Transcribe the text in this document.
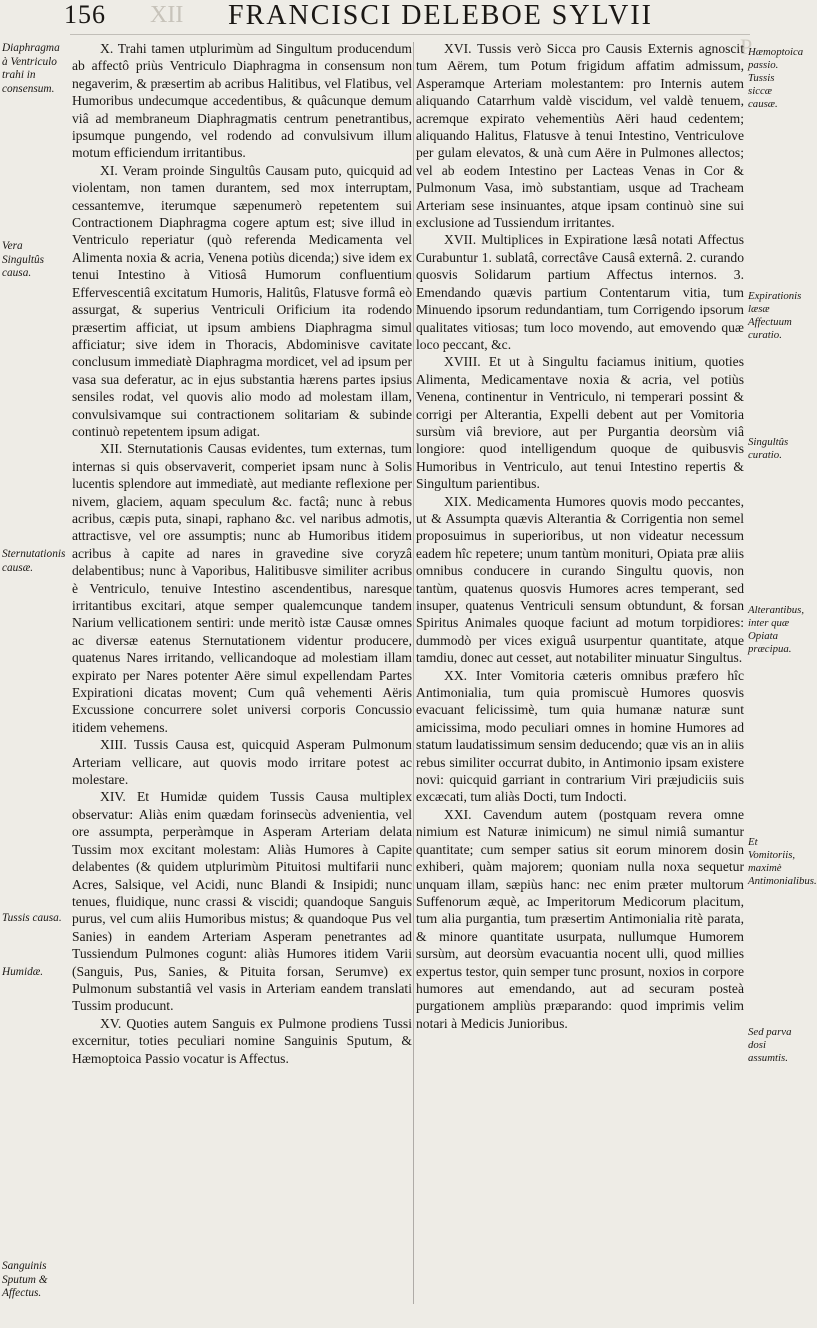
XII
156	FRANCISCI DELEBOE SYLVII
P
Diaphragma à Ventriculo trahi in consensum.
Vera Singultûs causa.
Sternutationis causæ.
Tussis causa.
Humidæ.
Sanguinis Sputum & Affectus.
Hæmoptoica passio. Tussis siccæ causæ.
Expirationis læsæ Affectuum curatio.
Singultûs curatio.
Alterantibus, inter quæ Opiata præcipua.
Et Vomitoriis, maximè Antimonialibus.
Sed parva dosi assumtis.

X. Trahi tamen utplurimùm ad Singultum producendum ab affectô priùs Ventriculo Diaphragma in consensum non negaverim, & præsertim ab acribus Halitibus, vel Flatibus, vel Humoribus undecumque accedentibus, & quâcunque demum viâ ad membraneum Diaphragmatis centrum penetrantibus, ipsumque pungendo, vel rodendo ad convulsivum illum motum efficiendum irritantibus.

XI. Veram proinde Singultûs Causam puto, quicquid ad violentam, non tamen durantem, sed mox interruptam, cessantemve, iterumque sæpenumerò repetentem sui Contractionem Diaphragma cogere aptum est; sive illud in Ventriculo reperiatur (quò referenda Medicamenta vel Alimenta noxia & acria, Venena potiùs dicenda;) sive idem ex tenui Intestino à Vitiosâ Humorum confluentium Effervescentiâ excitatum Humoris, Halitûs, Flatusve formâ eò assurgat, & superius Ventriculi Orificium ita rodendo præsertim afficiat, ut ipsum ambiens Diaphragma simul afficiatur; sive idem in Thoracis, Abdominisve cavitate conclusum immediatè Diaphragma mordicet, vel ad ipsum per vasa sua deferatur, ac in ejus substantia hærens partes ipsius sensiles rodat, vel quovis alio modo ad molestam illam, convulsivamque sui contractionem solitariam & subinde continuò repetentem ipsum adigat.

XII. Sternutationis Causas evidentes, tum externas, tum internas si quis observaverit, comperiet ipsam nunc à Solis lucentis splendore aut immediatè, aut mediante reflexione per nivem, glaciem, aquam speculum &c. factâ; nunc à rebus acribus, cæpis puta, sinapi, raphano &c. vel naribus admotis, attractisve, vel ore assumptis; nunc ab Humoribus itidem acribus à capite ad nares in gravedine sive coryzâ delabentibus; nunc à Vaporibus, Halitibusve similiter acribus è Ventriculo, tenuive Intestino ascendentibus, naresque irritantibus excitari, atque semper qualemcunque tandem Narium vellicationem sentiri: unde meritò istæ Causæ omnes ac diversæ eatenus Sternutationem videntur producere, quatenus Nares irritando, vellicandoque ad molestiam illam expirato per Nares potenter Aëre simul expellendam Partes Expirationi dicatas movent; Cum quâ vehementi Aëris Excussione concurrere solet universi corporis Concussio itidem vehemens.

XIII. Tussis Causa est, quicquid Asperam Pulmonum Arteriam vellicare, aut quovis modo irritare potest ac molestare.

XIV. Et Humidæ quidem Tussis Causa multiplex observatur: Aliàs enim quædam forinsecùs advenientia, vel ore assumpta, perperàmque in Asperam Arteriam delata Tussim mox excitant molestam: Aliàs Humores à Capite delabentes (& quidem utplurimùm Pituitosi multifarii nunc Acres, Salsique, vel Acidi, nunc Blandi & Insipidi; nunc tenues, fluidique, nunc crassi & viscidi; quandoque Sanguis purus, vel cum aliis Humoribus mistus; & quandoque Pus vel Sanies) in eandem Arteriam Asperam penetrantes ad Tussiendum Pulmones cogunt: aliàs Humores itidem Varii (Sanguis, Pus, Sanies, & Pituita forsan, Serumve) ex Pulmonum substantiâ vel vasis in Arteriam eandem translati Tussim producunt.

XV. Quoties autem Sanguis ex Pulmone prodiens Tussi excernitur, toties peculiari nomine Sanguinis Sputum, & Hæmoptoica Passio vocatur is Affectus.

XVI. Tussis verò Sicca pro Causis Externis agnoscit tum Aërem, tum Potum frigidum affatim admissum, Asperamque Arteriam molestantem: pro Internis autem aliquando Catarrhum valdè viscidum, vel valdè tenuem, acremque expirato vehementiùs Aëri haud cedentem; aliquando Halitus, Flatusve à tenui Intestino, Ventriculove per gulam elevatos, & unà cum Aëre in Pulmones allectos; vel ab eodem Intestino per Lacteas Venas in Cor & Pulmonum Vasa, imò substantiam, usque ad Tracheam Arteriam sese insinuantes, atque ipsam continuò sine sui exclusione ad Tussiendum irritantes.

XVII. Multiplices in Expiratione læsâ notati Affectus Curabuntur 1. sublatâ, correctâve Causâ externâ. 2. curando quosvis Solidarum partium Affectus internos. 3. Emendando quævis partium Contentarum vitia, tum Minuendo ipsorum redundantiam, tum Corrigendo ipsorum qualitates vitiosas; tum loco movendo, aut emovendo quæ loco peccant, &c.

XVIII. Et ut à Singultu faciamus initium, quoties Alimenta, Medicamentave noxia & acria, vel potiùs Venena, continentur in Ventriculo, ni temperari possint & corrigi per Alterantia, Expelli debent aut per Vomitoria sursùm viâ breviore, aut per Purgantia deorsùm viâ longiore: quod intelligendum quoque de quibusvis Humoribus in Ventriculo, aut tenui Intestino repertis & Singultum parientibus.

XIX. Medicamenta Humores quovis modo peccantes, ut & Assumpta quævis Alterantia & Corrigentia non semel proposuimus in superioribus, ut non videatur necessum eadem hîc repetere; unum tantùm monituri, Opiata præ aliis omnibus conducere in curando Singultu quovis, non tantùm, quatenus quosvis Humores acres temperant, sed insuper, quatenus Ventriculi sensum obtundunt, & forsan Spiritus Animales quoque faciunt ad motum torpidiores: dummodò per vices exiguâ usurpentur quantitate, atque tamdiu, donec aut cesset, aut notabiliter minuatur Singultus.

XX. Inter Vomitoria cæteris omnibus præfero hîc Antimonialia, tum quia promiscuè Humores quosvis evacuant felicissimè, tum quia humanæ naturæ sunt amicissima, modo peculiari omnes in homine Humores ad statum laudatissimum sensim deducendo; quæ vis an in aliis rebus similiter occurrat dubito, in Antimonio ipsam existere novi: quicquid garriant in contrarium Viri præjudiciis suis excæcati, tum aliàs Docti, tum Indocti.

XXI. Cavendum autem (postquam revera omne nimium est Naturæ inimicum) ne simul nimiâ sumantur quantitate; cum semper satius sit eorum minorem dosin exhiberi, quàm majorem; quoniam nulla noxa sequetur unquam illam, sæpiùs hanc: nec enim præter multorum Suffenorum æquè, ac Imperitorum Medicorum placitum, tum alia purgantia, tum præsertim Antimonialia ritè parata, & minore quantitate usurpata, nullumque Humorem sursùm, aut deorsùm evacuantia nocent ulli, quod millies expertus testor, quin semper tunc prosunt, noxios in corpore humores aut emendando, aut ad securam posteà purgationem ampliùs præparando: quod imprimis velim notari à Medicis Junioribus.
